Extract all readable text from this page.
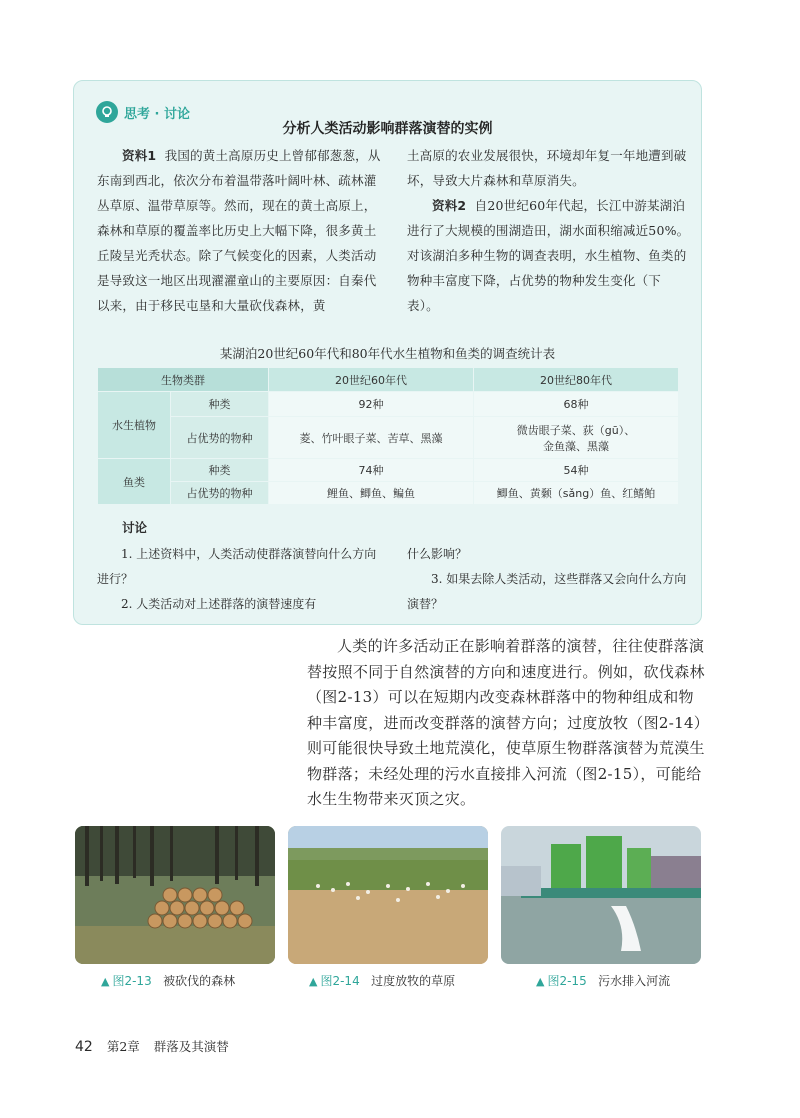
思考 · 讨论
分析人类活动影响群落演替的实例

资料1 我国的黄土高原历史上曾郁郁葱葱，从东南到西北，依次分布着温带落叶阔叶林、疏林灌丛草原、温带草原等。然而，现在的黄土高原上，森林和草原的覆盖率比历史上大幅下降，很多黄土丘陵呈光秃状态。除了气候变化的因素，人类活动是导致这一地区出现濯濯童山的主要原因：自秦代以来，由于移民屯垦和大量砍伐森林，黄

土高原的农业发展很快，环境却年复一年地遭到破坏，导致大片森林和草原消失。

资料2 自20世纪60年代起，长江中游某湖泊进行了大规模的围湖造田，湖水面积缩减近50%。对该湖泊多种生物的调查表明，水生植物、鱼类的物种丰富度下降，占优势的物种发生变化（下表）。

某湖泊20世纪60年代和80年代水生植物和鱼类的调查统计表
生物类群		20世纪60年代	20世纪80年代
水生植物	种类	92种	68种
	占优势的物种	菱、竹叶眼子菜、苦草、黑藻	微齿眼子菜、荻（gū）、
金鱼藻、黑藻
鱼类	种类	74种	54种
	占优势的物种	鲤鱼、鲫鱼、鳊鱼	鲫鱼、黄颡（sǎng）鱼、红鳍鲌
讨论

1. 上述资料中，人类活动使群落演替向什么方向进行？

2. 人类活动对上述群落的演替速度有

什么影响？

3. 如果去除人类活动，这些群落又会向什么方向演替？

人类的许多活动正在影响着群落的演替，往往使群落演替按照不同于自然演替的方向和速度进行。例如，砍伐森林（图2-13）可以在短期内改变森林群落中的物种组成和物种丰富度，进而改变群落的演替方向；过度放牧（图2-14）则可能很快导致土地荒漠化，使草原生物群落演替为荒漠生物群落；未经处理的污水直接排入河流（图2-15），可能给水生生物带来灭顶之灾。

▲ 图2-13 被砍伐的森林	▲ 图2-14 过度放牧的草原	▲ 图2-15 污水排入河流
42 第2章 群落及其演替
